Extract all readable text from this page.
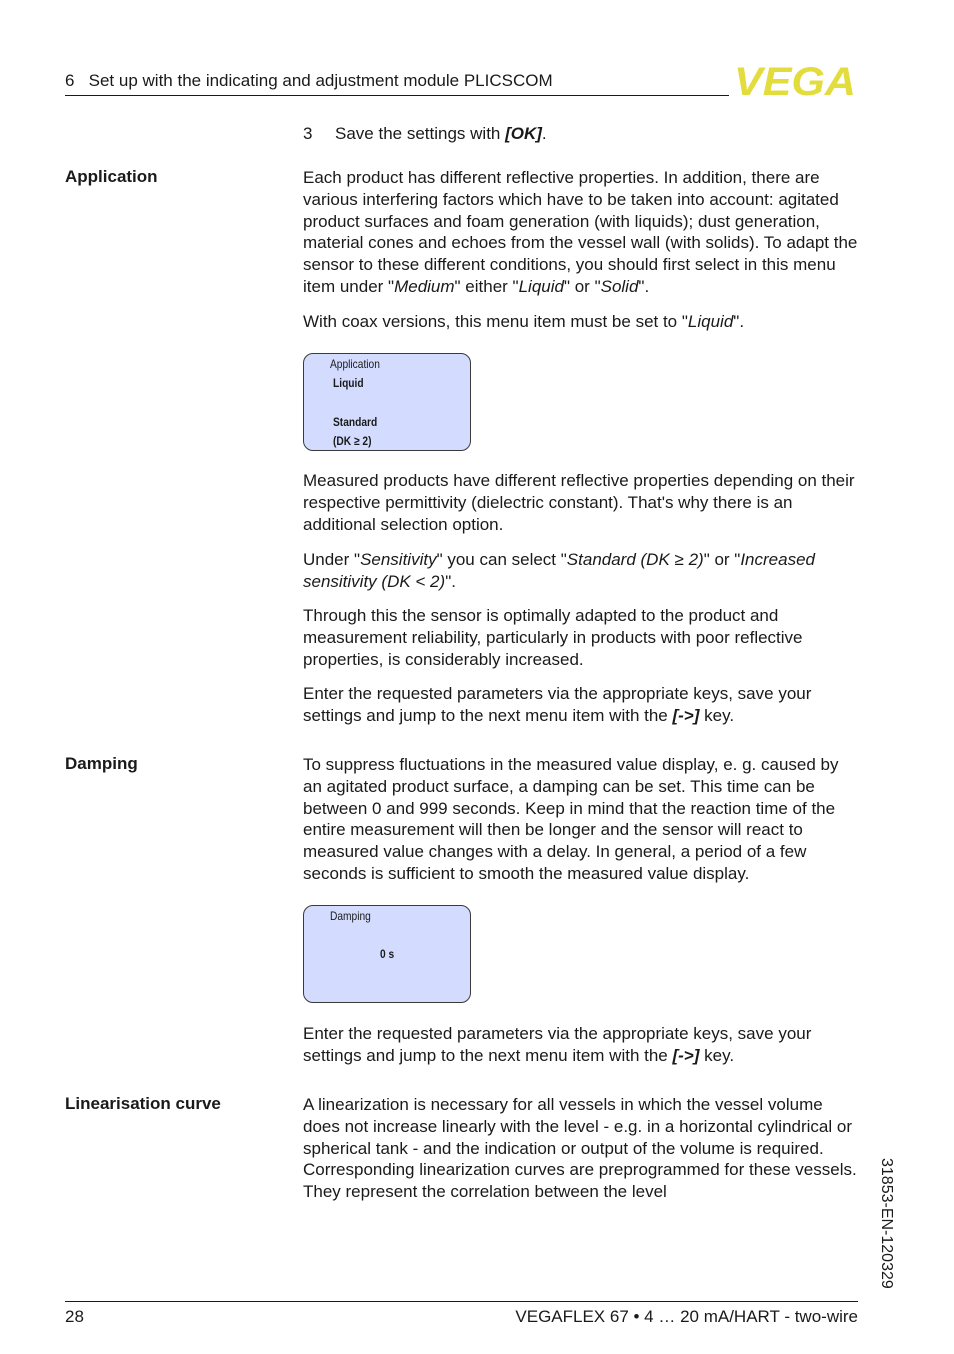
6 Set up with the indicating and adjustment module PLICSCOM	VEGA
3 Save the settings with [OK].
Application	Each product has different reflective properties. In addition, there are various interfering factors which have to be taken into account: agitated product surfaces and foam generation (with liquids); dust generation, material cones and echoes from the vessel wall (with solids). To adapt the sensor to these different conditions, you should first select in this menu item under "Medium" either "Liquid" or "Solid".

With coax versions, this menu item must be set to "Liquid".

Application
Liquid
Standard
(DK ≥ 2)

Measured products have different reflective properties depending on their respective permittivity (dielectric constant). That's why there is an additional selection option.

Under "Sensitivity" you can select "Standard (DK ≥ 2)" or "Increased sensitivity (DK < 2)".

Through this the sensor is optimally adapted to the product and measurement reliability, particularly in products with poor reflective properties, is considerably increased.

Enter the requested parameters via the appropriate keys, save your settings and jump to the next menu item with the [->] key.

Damping	To suppress fluctuations in the measured value display, e. g. caused by an agitated product surface, a damping can be set. This time can be between 0 and 999 seconds. Keep in mind that the reaction time of the entire measurement will then be longer and the sensor will react to measured value changes with a delay. In general, a period of a few seconds is sufficient to smooth the measured value display.

Damping
0 s

Enter the requested parameters via the appropriate keys, save your settings and jump to the next menu item with the [->] key.

Linearisation curve	A linearization is necessary for all vessels in which the vessel volume does not increase linearly with the level - e.g. in a horizontal cylindrical or spherical tank - and the indication or output of the volume is required. Corresponding linearization curves are preprogrammed for these vessels. They represent the correlation between the level	31853-EN-120329
28	VEGAFLEX 67 • 4 … 20 mA/HART - two-wire
